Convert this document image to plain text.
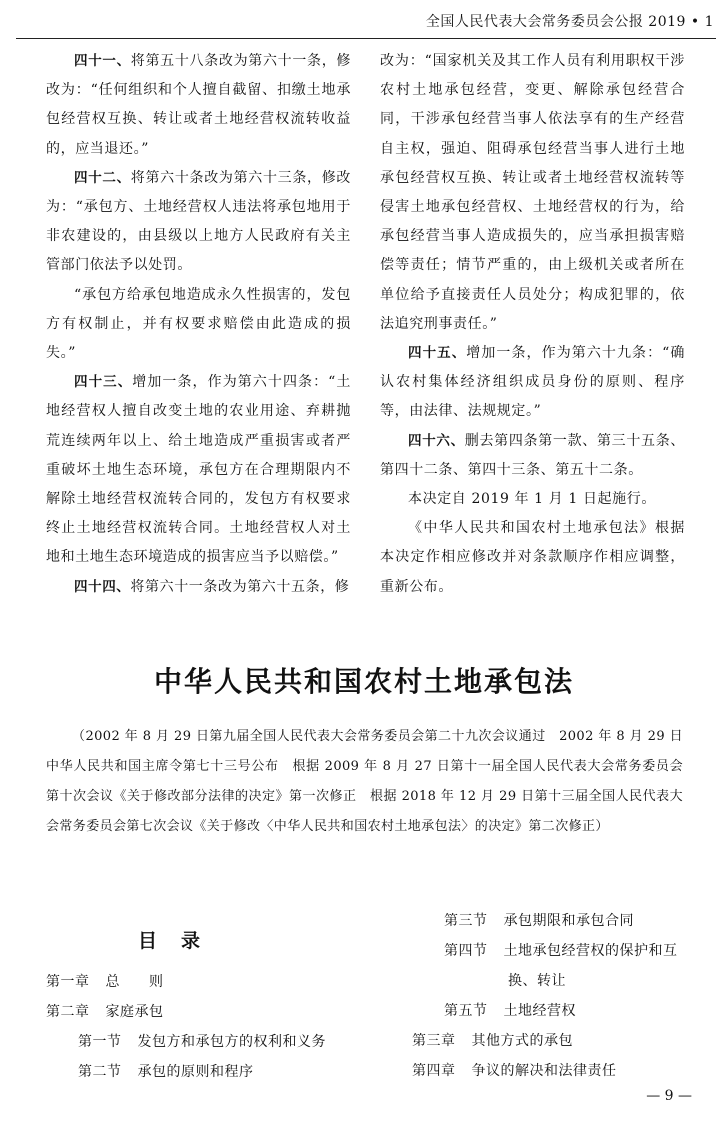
全国人民代表大会常务委员会公报 2019 • 1

四十一、将第五十八条改为第六十一条，修改为：“任何组织和个人擅自截留、扣缴土地承包经营权互换、转让或者土地经营权流转收益的，应当退还。”

四十二、将第六十条改为第六十三条，修改为：“承包方、土地经营权人违法将承包地用于非农建设的，由县级以上地方人民政府有关主管部门依法予以处罚。

“承包方给承包地造成永久性损害的，发包方有权制止，并有权要求赔偿由此造成的损失。”

四十三、增加一条，作为第六十四条：“土地经营权人擅自改变土地的农业用途、弃耕抛荒连续两年以上、给土地造成严重损害或者严重破坏土地生态环境，承包方在合理期限内不解除土地经营权流转合同的，发包方有权要求终止土地经营权流转合同。土地经营权人对土地和土地生态环境造成的损害应当予以赔偿。”

四十四、将第六十一条改为第六十五条，修

改为：“国家机关及其工作人员有利用职权干涉农村土地承包经营，变更、解除承包经营合同，干涉承包经营当事人依法享有的生产经营自主权，强迫、阻碍承包经营当事人进行土地承包经营权互换、转让或者土地经营权流转等侵害土地承包经营权、土地经营权的行为，给承包经营当事人造成损失的，应当承担损害赔偿等责任；情节严重的，由上级机关或者所在单位给予直接责任人员处分；构成犯罪的，依法追究刑事责任。”

四十五、增加一条，作为第六十九条：“确认农村集体经济组织成员身份的原则、程序等，由法律、法规规定。”

四十六、删去第四条第一款、第三十五条、第四十二条、第四十三条、第五十二条。

本决定自 2019 年 1 月 1 日起施行。

《中华人民共和国农村土地承包法》根据本决定作相应修改并对条款顺序作相应调整，重新公布。

中华人民共和国农村土地承包法
（2002 年 8 月 29 日第九届全国人民代表大会常务委员会第二十九次会议通过　2002 年 8 月 29 日中华人民共和国主席令第七十三号公布　根据 2009 年 8 月 27 日第十一届全国人民代表大会常务委员会第十次会议《关于修改部分法律的决定》第一次修正　根据 2018 年 12 月 29 日第十三届全国人民代表大会常务委员会第七次会议《关于修改〈中华人民共和国农村土地承包法〉的决定》第二次修正）
目录
第一章 总　　则
第二章 家庭承包
第一节 发包方和承包方的权利和义务
第二节 承包的原则和程序
第三节 承包期限和承包合同
第四节 土地承包经营权的保护和互
换、转让
第五节 土地经营权
第三章 其他方式的承包
第四章 争议的解决和法律责任
— 9 —
